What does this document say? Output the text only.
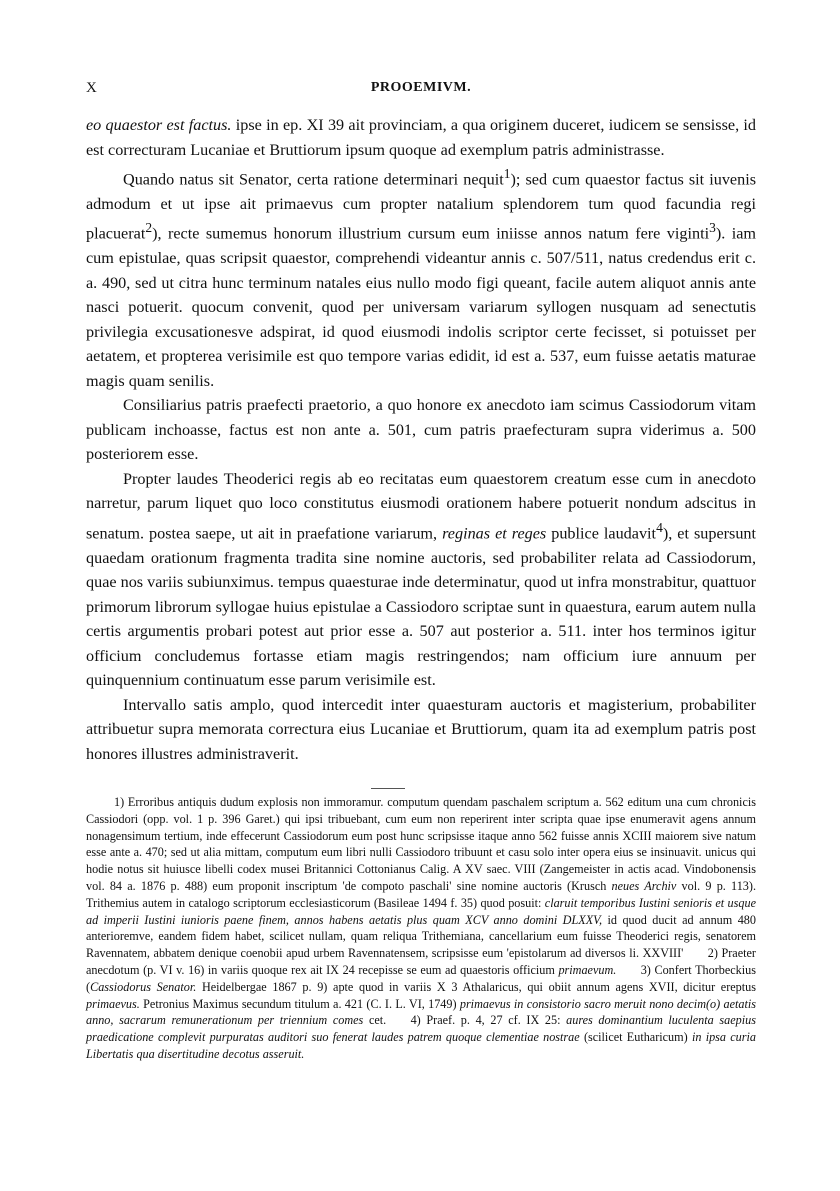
X	PROOEMIVM.

eo quaestor est factus. ipse in ep. XI 39 ait provinciam, a qua originem duceret, iudicem se sensisse, id est correcturam Lucaniae et Bruttiorum ipsum quoque ad exemplum patris administrasse.

Quando natus sit Senator, certa ratione determinari nequit$^1$); sed cum quaestor factus sit iuvenis admodum et ut ipse ait primaevus cum propter natalium splendorem tum quod facundia regi placuerat$^2$), recte sumemus honorum illustrium cursum eum iniisse annos natum fere viginti$^3$). iam cum epistulae, quas scripsit quaestor, comprehendi videantur annis c. 507/511, natus credendus erit c. a. 490, sed ut citra hunc terminum natales eius nullo modo figi queant, facile autem aliquot annis ante nasci potuerit. quocum convenit, quod per universam variarum syllogen nusquam ad senectutis privilegia excusationesve adspirat, id quod eiusmodi indolis scriptor certe fecisset, si potuisset per aetatem, et propterea verisimile est quo tempore varias edidit, id est a. 537, eum fuisse aetatis maturae magis quam senilis.

Consiliarius patris praefecti praetorio, a quo honore ex anecdoto iam scimus Cassiodorum vitam publicam inchoasse, factus est non ante a. 501, cum patris praefecturam supra viderimus a. 500 posteriorem esse.

Propter laudes Theoderici regis ab eo recitatas eum quaestorem creatum esse cum in anecdoto narretur, parum liquet quo loco constitutus eiusmodi orationem habere potuerit nondum adscitus in senatum. postea saepe, ut ait in praefatione variarum, reginas et reges publice laudavit$^4$), et supersunt quaedam orationum fragmenta tradita sine nomine auctoris, sed probabiliter relata ad Cassiodorum, quae nos variis subiunximus. tempus quaesturae inde determinatur, quod ut infra monstrabitur, quattuor primorum librorum syllogae huius epistulae a Cassiodoro scriptae sunt in quaestura, earum autem nulla certis argumentis probari potest aut prior esse a. 507 aut posterior a. 511. inter hos terminos igitur officium concludemus fortasse etiam magis restringendos; nam officium iure annuum per quinquennium continuatum esse parum verisimile est.

Intervallo satis amplo, quod intercedit inter quaesturam auctoris et magisterium, probabiliter attribuetur supra memorata correctura eius Lucaniae et Bruttiorum, quam ita ad exemplum patris post honores illustres administraverit.

1) Erroribus antiquis dudum explosis non immoramur. computum quendam paschalem scriptum a. 562 editum una cum chronicis Cassiodori (opp. vol. 1 p. 396 Garet.) qui ipsi tribuebant, cum eum non reperirent inter scripta quae ipse enumeravit agens annum nonagensimum tertium, inde effecerunt Cassiodorum eum post hunc scripsisse itaque anno 562 fuisse annis XCIII maiorem sive natum esse ante a. 470; sed ut alia mittam, computum eum libri nulli Cassiodoro tribuunt et casu solo inter opera eius se insinuavit. unicus qui hodie notus sit huiusce libelli codex musei Britannici Cottonianus Calig. A XV saec. VIII (Zangemeister in actis acad. Vindobonensis vol. 84 a. 1876 p. 488) eum proponit inscriptum 'de compoto paschali' sine nomine auctoris (Krusch neues Archiv vol. 9 p. 113). Trithemius autem in catalogo scriptorum ecclesiasticorum (Basileae 1494 f. 35) quod posuit: claruit temporibus Iustini senioris et usque ad imperii Iustini iunioris paene finem, annos habens aetatis plus quam XCV anno domini DLXXV, id quod ducit ad annum 480 anterioremve, eandem fidem habet, scilicet nullam, quam reliqua Trithemiana, cancellarium eum fuisse Theoderici regis, senatorem Ravennatem, abbatem denique coenobii apud urbem Ravennatensem, scripsisse eum 'epistolarum ad diversos li. XXVIII'   2) Praeter anecdotum (p. VI v. 16) in variis quoque rex ait IX 24 recepisse se eum ad quaestoris officium primaevum.   3) Confert Thorbeckius (Cassiodorus Senator. Heidelbergae 1867 p. 9) apte quod in variis X 3 Athalaricus, qui obiit annum agens XVII, dicitur ereptus primaevus. Petronius Maximus secundum titulum a. 421 (C. I. L. VI, 1749) primaevus in consistorio sacro meruit nono decim(o) aetatis anno, sacrarum remunerationum per triennium comes cet.   4) Praef. p. 4, 27 cf. IX 25: aures dominantium luculenta saepius praedicatione complevit purpuratas auditori suo fenerat laudes patrem quoque clementiae nostrae (scilicet Eutharicum) in ipsa curia Libertatis qua disertitudine decotus asseruit.
